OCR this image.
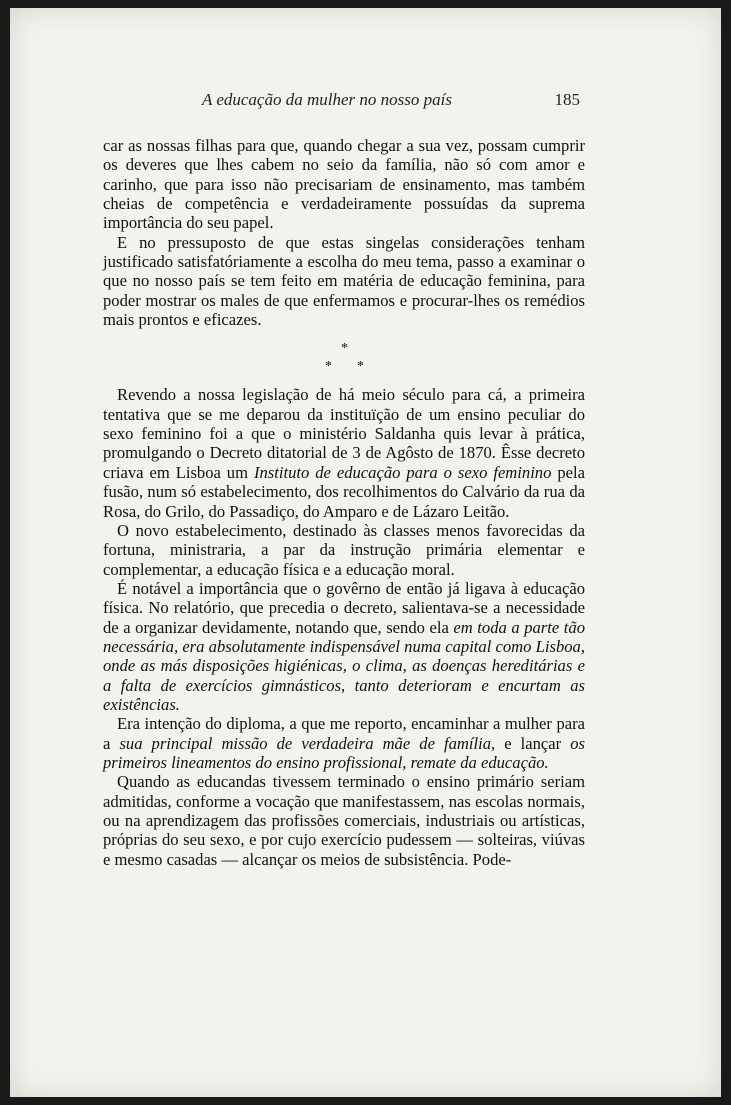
A educação da mulher no nosso país	185

car as nossas filhas para que, quando chegar a sua vez, possam cumprir os deveres que lhes cabem no seio da família, não só com amor e carinho, que para isso não precisariam de ensinamento, mas também cheias de competência e verdadeiramente possuídas da suprema importância do seu papel.

E no pressuposto de que estas singelas considerações tenham justificado satisfatóriamente a escolha do meu tema, passo a examinar o que no nosso país se tem feito em matéria de educação feminina, para poder mostrar os males de que enfermamos e procurar-lhes os remédios mais prontos e eficazes.

*
* *

Revendo a nossa legislação de há meio século para cá, a primeira tentativa que se me deparou da instituïção de um ensino peculiar do sexo feminino foi a que o ministério Saldanha quis levar à prática, promulgando o Decreto ditatorial de 3 de Agôsto de 1870. Êsse decreto criava em Lisboa um Instituto de educação para o sexo feminino pela fusão, num só estabelecimento, dos recolhimentos do Calvário da rua da Rosa, do Grilo, do Passadiço, do Amparo e de Lázaro Leitão.

O novo estabelecimento, destinado às classes menos favorecidas da fortuna, ministraria, a par da instrução primária elementar e complementar, a educação física e a educação moral.

É notável a importância que o govêrno de então já ligava à educação física. No relatório, que precedia o decreto, salientava-se a necessidade de a organizar devidamente, notando que, sendo ela em toda a parte tão necessária, era absolutamente indispensável numa capital como Lisboa, onde as más disposições higiénicas, o clima, as doenças hereditárias e a falta de exercícios gimnásticos, tanto deterioram e encurtam as existências.

Era intenção do diploma, a que me reporto, encaminhar a mulher para a sua principal missão de verdadeira mãe de família, e lançar os primeiros lineamentos do ensino profissional, remate da educação.

Quando as educandas tivessem terminado o ensino primário seriam admitidas, conforme a vocação que manifestassem, nas escolas normais, ou na aprendizagem das profissões comerciais, industriais ou artísticas, próprias do seu sexo, e por cujo exercício pudessem — solteiras, viúvas e mesmo casadas — alcançar os meios de subsistência. Pode-
